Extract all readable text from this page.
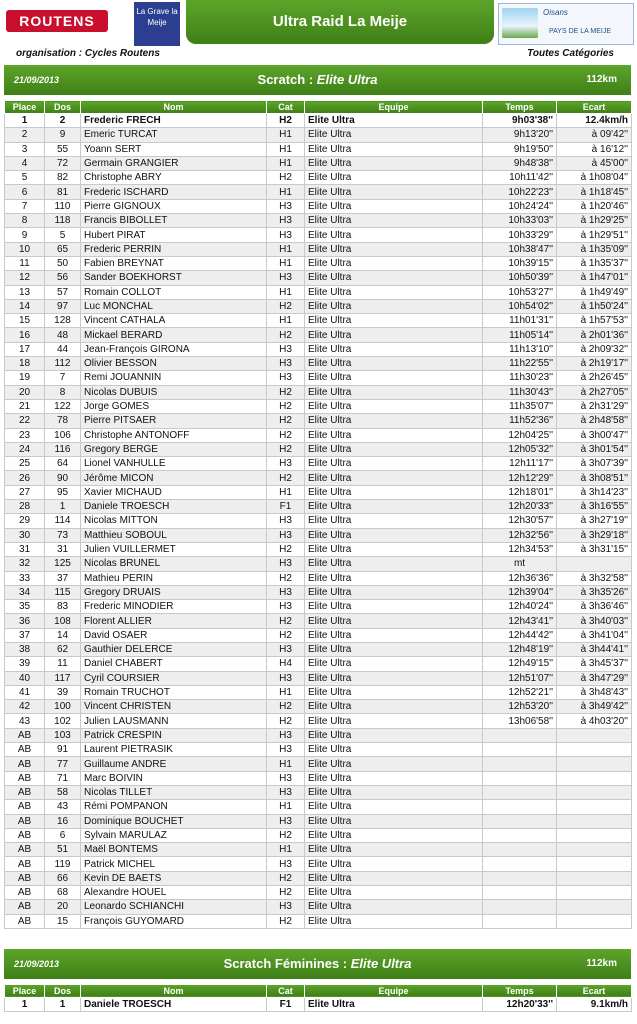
ROUTENS
La Grave la Meije	Ultra Raid La Meije
Oisans
PAYS DE LA MEIJE
organisation : Cycles Routens	Toutes Catégories
Scratch : Elite Ultra
21/09/2013	112km
Place	Dos	Nom	Cat	Equipe	Temps	Ecart
1	2	Frederic FRECH	H2	Elite Ultra	9h03'38''	12.4km/h
2	9	Emeric TURCAT	H1	Elite Ultra	9h13'20''	à 09'42''
3	55	Yoann SERT	H1	Elite Ultra	9h19'50''	à 16'12''
4	72	Germain GRANGIER	H1	Elite Ultra	9h48'38''	à 45'00''
5	82	Christophe ABRY	H2	Elite Ultra	10h11'42''	à 1h08'04''
6	81	Frederic ISCHARD	H1	Elite Ultra	10h22'23''	à 1h18'45''
7	110	Pierre GIGNOUX	H3	Elite Ultra	10h24'24''	à 1h20'46''
8	118	Francis BIBOLLET	H3	Elite Ultra	10h33'03''	à 1h29'25''
9	5	Hubert PIRAT	H3	Elite Ultra	10h33'29''	à 1h29'51''
10	65	Frederic PERRIN	H1	Elite Ultra	10h38'47''	à 1h35'09''
11	50	Fabien BREYNAT	H1	Elite Ultra	10h39'15''	à 1h35'37''
12	56	Sander BOEKHORST	H3	Elite Ultra	10h50'39''	à 1h47'01''
13	57	Romain COLLOT	H1	Elite Ultra	10h53'27''	à 1h49'49''
14	97	Luc MONCHAL	H2	Elite Ultra	10h54'02''	à 1h50'24''
15	128	Vincent CATHALA	H1	Elite Ultra	11h01'31''	à 1h57'53''
16	48	Mickael BERARD	H2	Elite Ultra	11h05'14''	à 2h01'36''
17	44	Jean-François GIRONA	H3	Elite Ultra	11h13'10''	à 2h09'32''
18	112	Olivier BESSON	H3	Elite Ultra	11h22'55''	à 2h19'17''
19	7	Remi JOUANNIN	H3	Elite Ultra	11h30'23''	à 2h26'45''
20	8	Nicolas DUBUIS	H2	Elite Ultra	11h30'43''	à 2h27'05''
21	122	Jorge GOMES	H2	Elite Ultra	11h35'07''	à 2h31'29''
22	78	Pierre PITSAER	H2	Elite Ultra	11h52'36''	à 2h48'58''
23	106	Christophe ANTONOFF	H2	Elite Ultra	12h04'25''	à 3h00'47''
24	116	Gregory BERGE	H2	Elite Ultra	12h05'32''	à 3h01'54''
25	64	Lionel VANHULLE	H3	Elite Ultra	12h11'17''	à 3h07'39''
26	90	Jérôme MICON	H2	Elite Ultra	12h12'29''	à 3h08'51''
27	95	Xavier MICHAUD	H1	Elite Ultra	12h18'01''	à 3h14'23''
28	1	Daniele TROESCH	F1	Elite Ultra	12h20'33''	à 3h16'55''
29	114	Nicolas MITTON	H3	Elite Ultra	12h30'57''	à 3h27'19''
30	73	Matthieu SOBOUL	H3	Elite Ultra	12h32'56''	à 3h29'18''
31	31	Julien VUILLERMET	H2	Elite Ultra	12h34'53''	à 3h31'15''
32	125	Nicolas BRUNEL	H3	Elite Ultra	mt	
33	37	Mathieu PERIN	H2	Elite Ultra	12h36'36''	à 3h32'58''
34	115	Gregory DRUAIS	H3	Elite Ultra	12h39'04''	à 3h35'26''
35	83	Frederic MINODIER	H3	Elite Ultra	12h40'24''	à 3h36'46''
36	108	Florent ALLIER	H2	Elite Ultra	12h43'41''	à 3h40'03''
37	14	David OSAER	H2	Elite Ultra	12h44'42''	à 3h41'04''
38	62	Gauthier DELERCE	H3	Elite Ultra	12h48'19''	à 3h44'41''
39	11	Daniel CHABERT	H4	Elite Ultra	12h49'15''	à 3h45'37''
40	117	Cyril COURSIER	H3	Elite Ultra	12h51'07''	à 3h47'29''
41	39	Romain TRUCHOT	H1	Elite Ultra	12h52'21''	à 3h48'43''
42	100	Vincent CHRISTEN	H2	Elite Ultra	12h53'20''	à 3h49'42''
43	102	Julien LAUSMANN	H2	Elite Ultra	13h06'58''	à 4h03'20''
AB	103	Patrick CRESPIN	H3	Elite Ultra		
AB	91	Laurent PIETRASIK	H3	Elite Ultra		
AB	77	Guillaume ANDRE	H1	Elite Ultra		
AB	71	Marc BOIVIN	H3	Elite Ultra		
AB	58	Nicolas TILLET	H3	Elite Ultra		
AB	43	Rémi POMPANON	H1	Elite Ultra		
AB	16	Dominique BOUCHET	H3	Elite Ultra		
AB	6	Sylvain MARULAZ	H2	Elite Ultra		
AB	51	Maël BONTEMS	H1	Elite Ultra		
AB	119	Patrick MICHEL	H3	Elite Ultra		
AB	66	Kevin DE BAETS	H2	Elite Ultra		
AB	68	Alexandre HOUEL	H2	Elite Ultra		
AB	20	Leonardo SCHIANCHI	H3	Elite Ultra		
AB	15	François GUYOMARD	H2	Elite Ultra		
Scratch Féminines : Elite Ultra
21/09/2013	112km
Place	Dos	Nom	Cat	Equipe	Temps	Ecart
1	1	Daniele TROESCH	F1	Elite Ultra	12h20'33''	9.1km/h
